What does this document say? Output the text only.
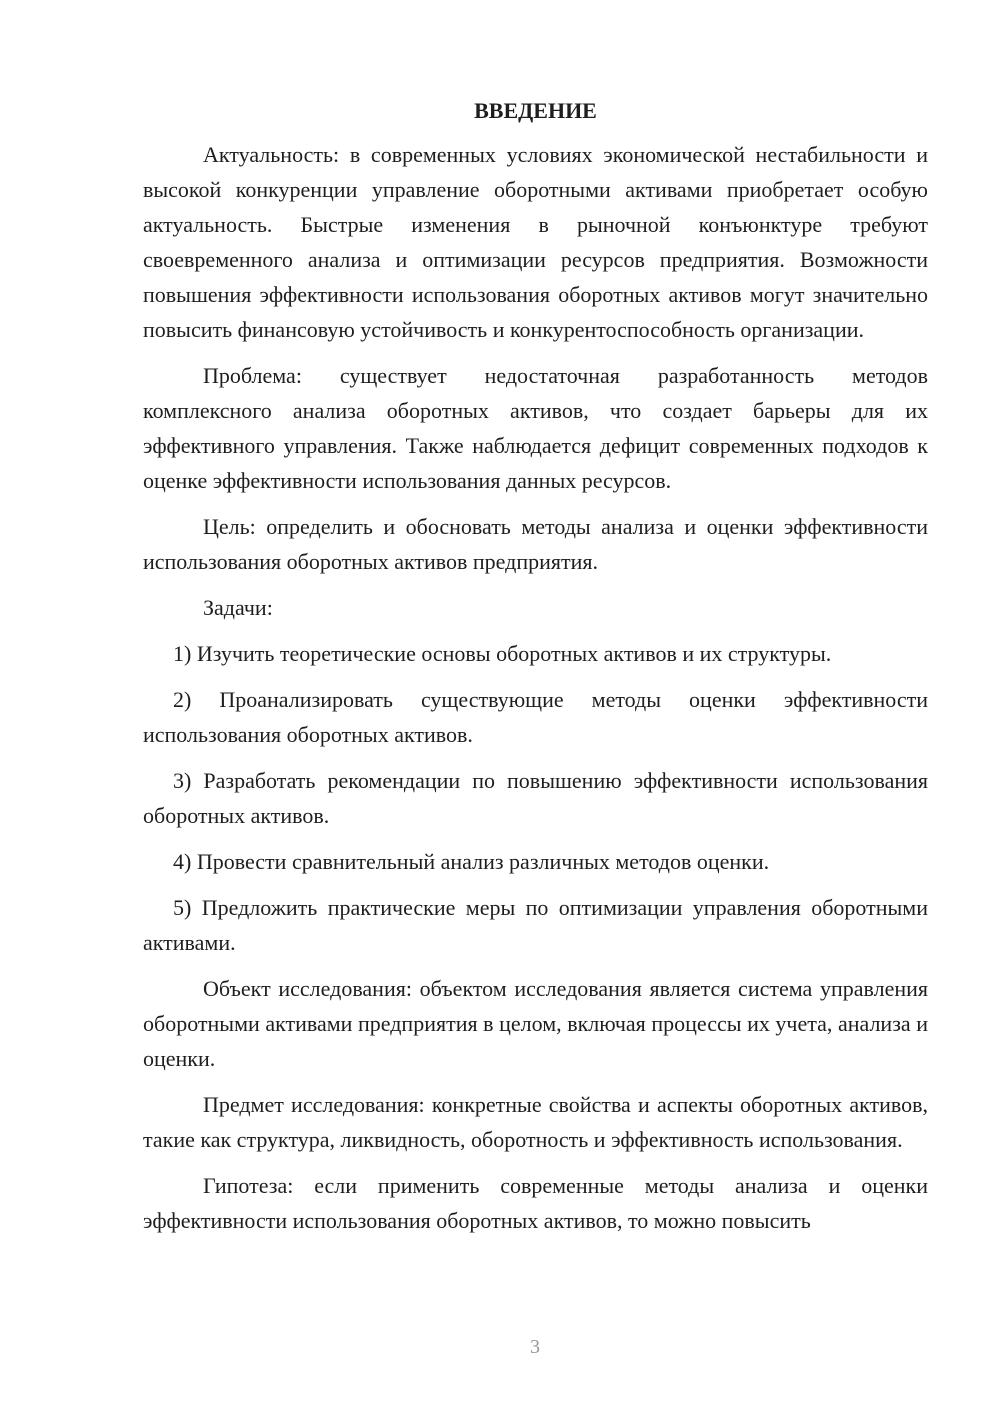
ВВЕДЕНИЕ

Актуальность: в современных условиях экономической нестабильности и высокой конкуренции управление оборотными активами приобретает особую актуальность. Быстрые изменения в рыночной конъюнктуре требуют своевременного анализа и оптимизации ресурсов предприятия. Возможности повышения эффективности использования оборотных активов могут значительно повысить финансовую устойчивость и конкурентоспособность организации.

Проблема: существует недостаточная разработанность методов комплексного анализа оборотных активов, что создает барьеры для их эффективного управления. Также наблюдается дефицит современных подходов к оценке эффективности использования данных ресурсов.

Цель: определить и обосновать методы анализа и оценки эффективности использования оборотных активов предприятия.

Задачи:

1) Изучить теоретические основы оборотных активов и их структуры.

2) Проанализировать существующие методы оценки эффективности использования оборотных активов.

3) Разработать рекомендации по повышению эффективности использования оборотных активов.

4) Провести сравнительный анализ различных методов оценки.

5) Предложить практические меры по оптимизации управления оборотными активами.

Объект исследования: объектом исследования является система управления оборотными активами предприятия в целом, включая процессы их учета, анализа и оценки.

Предмет исследования: конкретные свойства и аспекты оборотных активов, такие как структура, ликвидность, оборотность и эффективность использования.

Гипотеза: если применить современные методы анализа и оценки эффективности использования оборотных активов, то можно повысить

3
